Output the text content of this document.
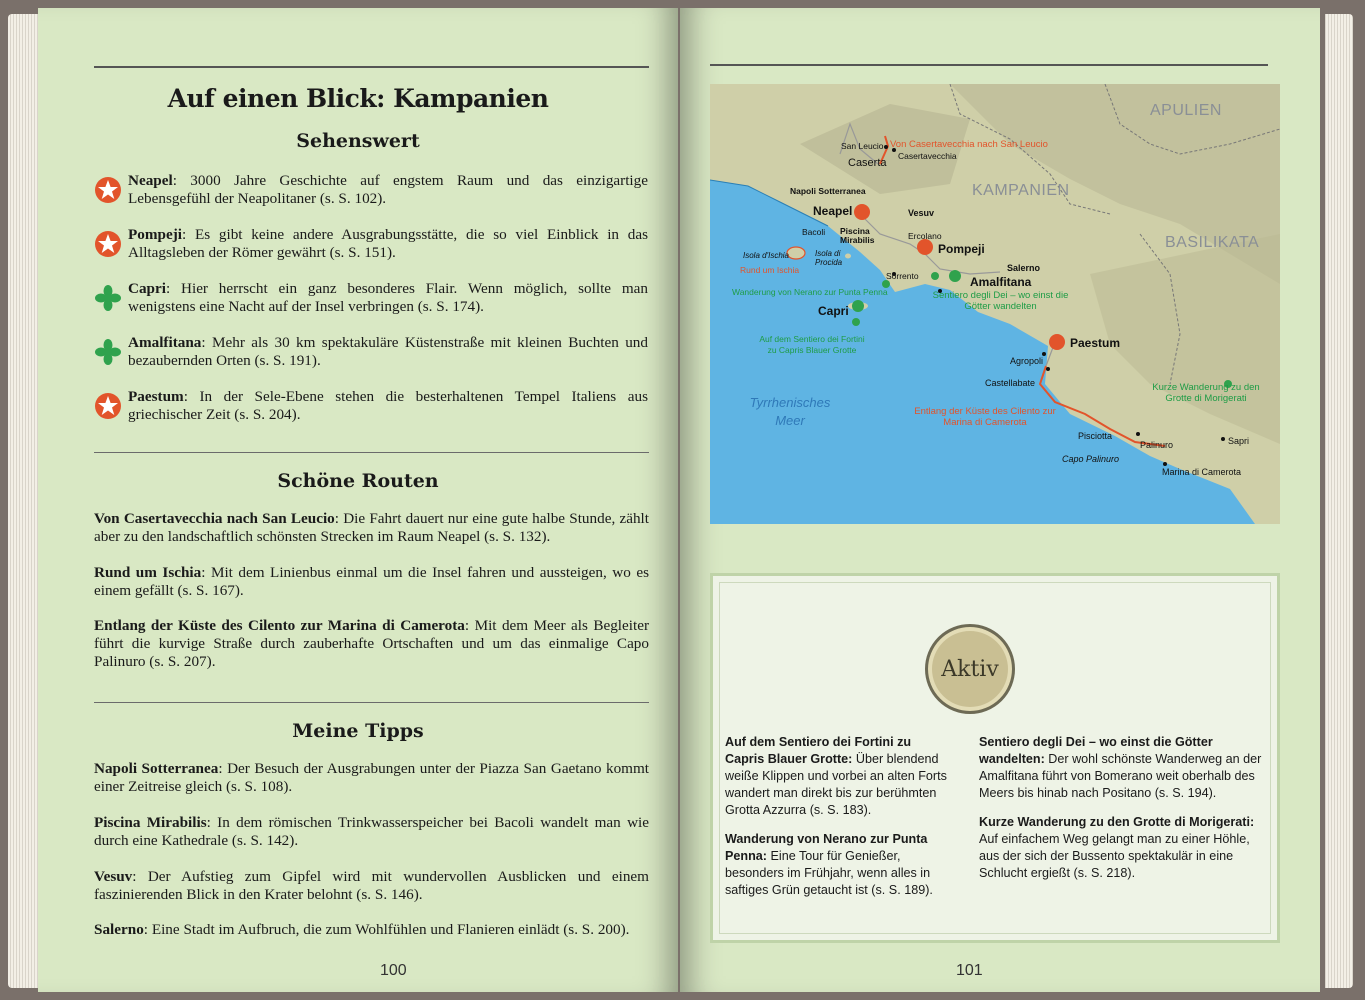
Auf einen Blick: Kampanien
Sehenswert
Neapel: 3000 Jahre Geschichte auf engstem Raum und das einzigartige Lebensgefühl der Neapolitaner (s. S. 102).
Pompeji: Es gibt keine andere Ausgrabungsstätte, die so viel Einblick in das Alltagsleben der Römer gewährt (s. S. 151).
Capri: Hier herrscht ein ganz besonderes Flair. Wenn möglich, sollte man wenigstens eine Nacht auf der Insel verbringen (s. S. 174).
Amalfitana: Mehr als 30 km spektakuläre Küstenstraße mit kleinen Buchten und bezaubernden Orten (s. S. 191).
Paestum: In der Sele-Ebene stehen die besterhaltenen Tempel Italiens aus griechischer Zeit (s. S. 204).
Schöne Routen
Von Casertavecchia nach San Leucio: Die Fahrt dauert nur eine gute halbe Stunde, zählt aber zu den landschaftlich schönsten Strecken im Raum Neapel (s. S. 132).
Rund um Ischia: Mit dem Linienbus einmal um die Insel fahren und aussteigen, wo es einem gefällt (s. S. 167).
Entlang der Küste des Cilento zur Marina di Camerota: Mit dem Meer als Begleiter führt die kurvige Straße durch zauberhafte Ortschaften und um das einmalige Capo Palinuro (s. S. 207).
Meine Tipps
Napoli Sotterranea: Der Besuch der Ausgrabungen unter der Piazza San Gaetano kommt einer Zeitreise gleich (s. S. 108).
Piscina Mirabilis: In dem römischen Trinkwasserspeicher bei Bacoli wandelt man wie durch eine Kathedrale (s. S. 142).
Vesuv: Der Aufstieg zum Gipfel wird mit wundervollen Ausblicken und einem faszinierenden Blick in den Krater belohnt (s. S. 146).
Salerno: Eine Stadt im Aufbruch, die zum Wohlfühlen und Flanieren einlädt (s. S. 200).
100
APULIEN
KAMPANIEN
BASILIKATA
Von Casertavecchia nach San Leucio
San Leucio
Casertavecchia
Caserta
Napoli Sotterranea
Neapel	Vesuv
Bacoli Piscina Mirabilis	Ercolano
Pompeji
Isola d'Ischia
Rund um Ischia
Isola di Procida
Salerno
Sorrento	Amalfitana
Wanderung von Nerano zur Punta Penna	Sentiero degli Dei – wo einst die Götter wandelten
Capri
Auf dem Sentiero dei Fortini zu Capris Blauer Grotte	Paestum
Agropoli
Castellabate
Tyrrhenisches Meer
Entlang der Küste des Cilento zur Marina di Camerota
Kurze Wanderung zu den Grotte di Morigerati
Pisciotta
Palinuro	Sapri
Capo Palinuro
Marina di Camerota
Aktiv

Auf dem Sentiero dei Fortini zu Capris Blauer Grotte: Über blendend weiße Klippen und vorbei an alten Forts wandert man direkt bis zur berühmten Grotta Azzurra (s. S. 183).

Wanderung von Nerano zur Punta Penna: Eine Tour für Genießer, besonders im Frühjahr, wenn alles in saftiges Grün getaucht ist (s. S. 189).

Sentiero degli Dei – wo einst die Götter wandelten: Der wohl schönste Wanderweg an der Amalfitana führt von Bomerano weit oberhalb des Meers bis hinab nach Positano (s. S. 194).

Kurze Wanderung zu den Grotte di Morigerati: Auf einfachem Weg gelangt man zu einer Höhle, aus der sich der Bussento spektakulär in eine Schlucht ergießt (s. S. 218).

101
